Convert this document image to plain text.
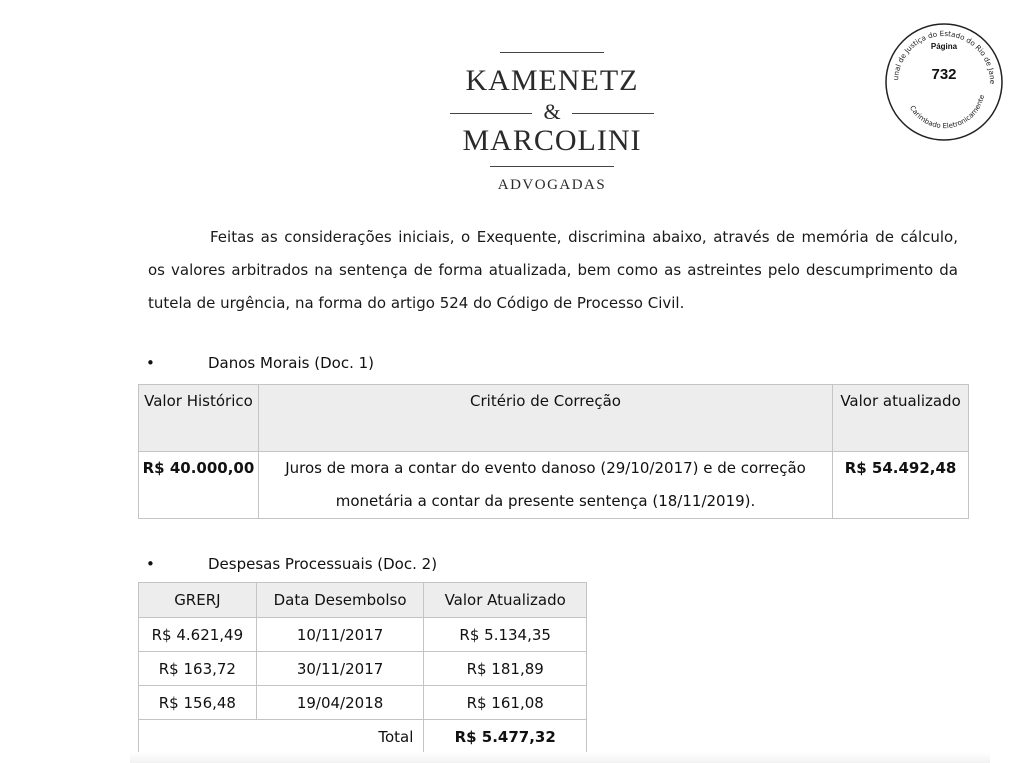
KAMENETZ
&
MARCOLINI
ADVOGADAS
unal de Justiça do Estado do Rio de Jane
Carimbado Eletronicamente
Página
732

Feitas as considerações iniciais, o Exequente, discrimina abaixo, através de memória de cálculo, os valores arbitrados na sentença de forma atualizada, bem como as astreintes pelo descumprimento da tutela de urgência, na forma do artigo 524 do Código de Processo Civil.

•	Danos Morais (Doc. 1)
Valor Histórico	Critério de Correção	Valor atualizado
R$ 40.000,00	Juros de mora a contar do evento danoso (29/10/2017) e de correção monetária a contar da presente sentença (18/11/2019).	R$ 54.492,48
•	Despesas Processuais (Doc. 2)
GRERJ	Data Desembolso	Valor Atualizado
R$ 4.621,49	10/11/2017	R$ 5.134,35
R$ 163,72	30/11/2017	R$ 181,89
R$ 156,48	19/04/2018	R$ 161,08
	Total	R$ 5.477,32
